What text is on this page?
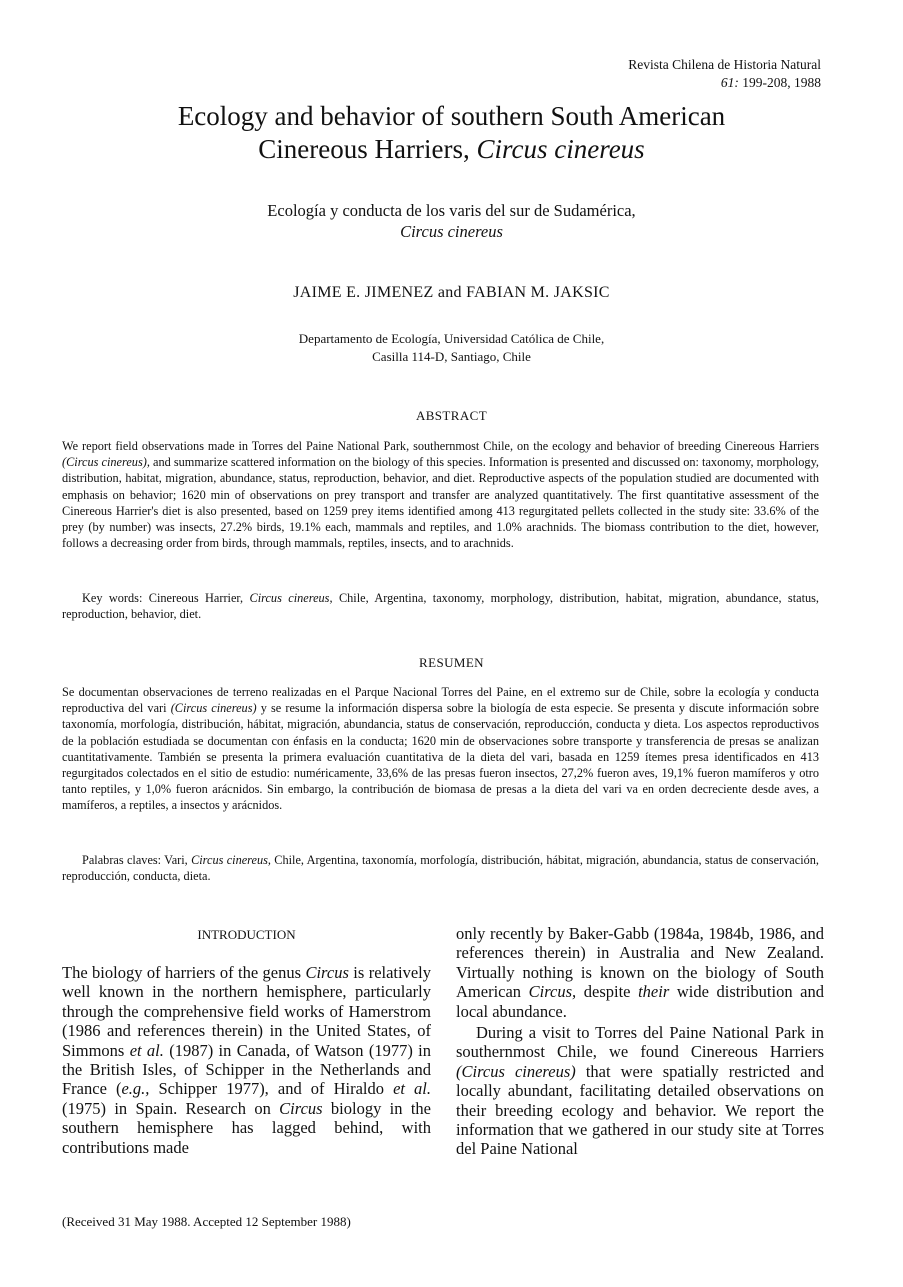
Revista Chilena de Historia Natural
61: 199-208, 1988
Ecology and behavior of southern South American
Cinereous Harriers, Circus cinereus
Ecología y conducta de los varis del sur de Sudamérica,
Circus cinereus
JAIME E. JIMENEZ and FABIAN M. JAKSIC
Departamento de Ecología, Universidad Católica de Chile,
Casilla 114-D, Santiago, Chile
ABSTRACT
We report field observations made in Torres del Paine National Park, southernmost Chile, on the ecology and behavior of breeding Cinereous Harriers (Circus cinereus), and summarize scattered information on the biology of this species. Information is presented and discussed on: taxonomy, morphology, distribution, habitat, migration, abundance, status, reproduction, behavior, and diet. Reproductive aspects of the population studied are documented with emphasis on behavior; 1620 min of observations on prey transport and transfer are analyzed quantitatively. The first quantitative assessment of the Cinereous Harrier's diet is also presented, based on 1259 prey items identified among 413 regurgitated pellets collected in the study site: 33.6% of the prey (by number) was insects, 27.2% birds, 19.1% each, mammals and reptiles, and 1.0% arachnids. The biomass contribution to the diet, however, follows a decreasing order from birds, through mammals, reptiles, insects, and to arachnids.
Key words: Cinereous Harrier, Circus cinereus, Chile, Argentina, taxonomy, morphology, distribution, habitat, migration, abundance, status, reproduction, behavior, diet.
RESUMEN
Se documentan observaciones de terreno realizadas en el Parque Nacional Torres del Paine, en el extremo sur de Chile, sobre la ecología y conducta reproductiva del vari (Circus cinereus) y se resume la información dispersa sobre la biología de esta especie. Se presenta y discute información sobre taxonomía, morfología, distribución, hábitat, migración, abundancia, status de conservación, reproducción, conducta y dieta. Los aspectos reproductivos de la población estudiada se documentan con énfasis en la conducta; 1620 min de observaciones sobre transporte y transferencia de presas se analizan cuantitativamente. También se presenta la primera evaluación cuantitativa de la dieta del vari, basada en 1259 ítemes presa identificados en 413 regurgitados colectados en el sitio de estudio: numéricamente, 33,6% de las presas fueron insectos, 27,2% fueron aves, 19,1% fueron mamíferos y otro tanto reptiles, y 1,0% fueron arácnidos. Sin embargo, la contribución de biomasa de presas a la dieta del vari va en orden decreciente desde aves, a mamíferos, a reptiles, a insectos y arácnidos.
Palabras claves: Vari, Circus cinereus, Chile, Argentina, taxonomía, morfología, distribución, hábitat, migración, abundancia, status de conservación, reproducción, conducta, dieta.
INTRODUCTION
The biology of harriers of the genus Circus is relatively well known in the northern hemisphere, particularly through the comprehensive field works of Hamerstrom (1986 and references therein) in the United States, of Simmons et al. (1987) in Canada, of Watson (1977) in the British Isles, of Schipper in the Netherlands and France (e.g., Schipper 1977), and of Hiraldo et al. (1975) in Spain. Research on Circus biology in the southern hemisphere has lagged behind, with contributions made
only recently by Baker-Gabb (1984a, 1984b, 1986, and references therein) in Australia and New Zealand. Virtually nothing is known on the biology of South American Circus, despite their wide distribution and local abundance.
During a visit to Torres del Paine National Park in southernmost Chile, we found Cinereous Harriers (Circus cinereus) that were spatially restricted and locally abundant, facilitating detailed observations on their breeding ecology and behavior. We report the information that we gathered in our study site at Torres del Paine National
(Received 31 May 1988. Accepted 12 September 1988)
